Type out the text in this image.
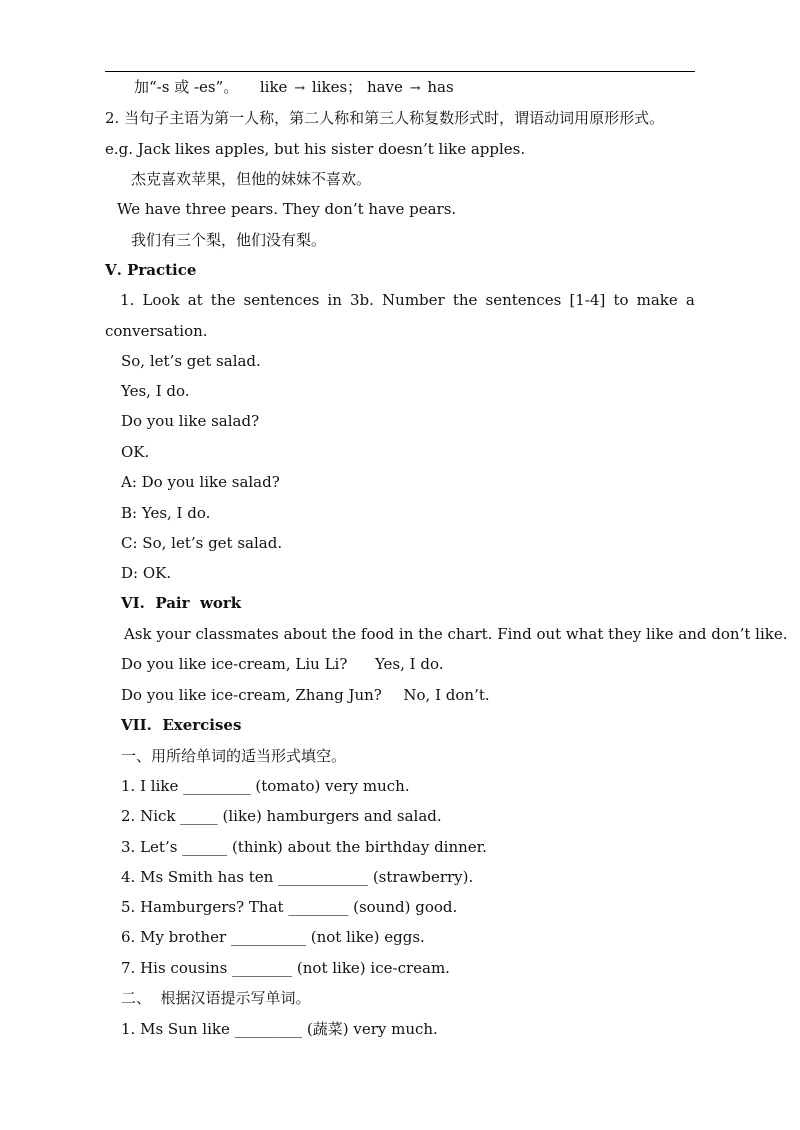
加“-s 或 -es”。 like → likes； have → has
2. 当句子主语为第一人称，第二人称和第三人称复数形式时，谓语动词用原形形式。
e.g. Jack likes apples, but his sister doesn’t like apples.
杰克喜欢苹果，但他的妹妹不喜欢。
We have three pears. They don’t have pears.
我们有三个梨，他们没有梨。
Ⅴ. Practice
1. Look at the sentences in 3b. Number the sentences [1-4] to make a
conversation.
So, let’s get salad.
Yes, I do.
Do you like salad?
OK.
A: Do you like salad?
B: Yes, I do.
C: So, let’s get salad.
D: OK.
VI.  Pair  work
Ask your classmates about the food in the chart. Find out what they like and don’t like.
Do you like ice-cream, Liu Li? Yes, I do.
Do you like ice-cream, Zhang Jun? No, I don’t.
VII.  Exercises
一、用所给单词的适当形式填空。
1. I like _________ (tomato) very much.
2. Nick _____ (like) hamburgers and salad.
3. Let’s ______ (think) about the birthday dinner.
4. Ms Smith has ten ____________ (strawberry).
5. Hamburgers? That ________ (sound) good.
6. My brother __________ (not like) eggs.
7. His cousins ________ (not like) ice-cream.
二、  根据汉语提示写单词。
1. Ms Sun like _________ (蔬菜) very much.
